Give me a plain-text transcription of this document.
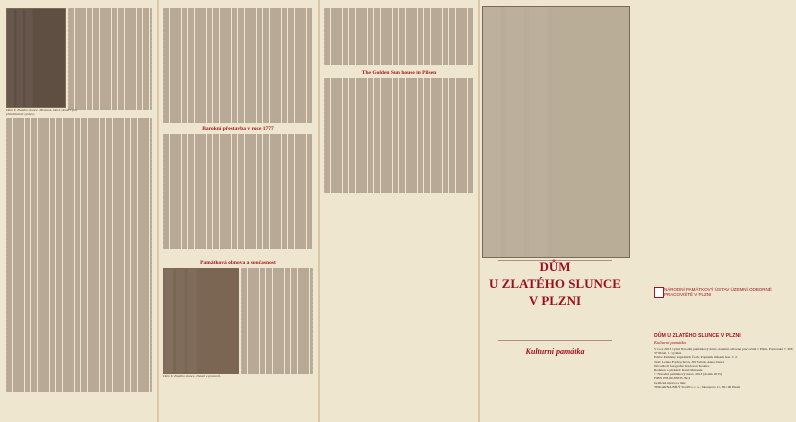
Dům U Zlatého slunce. Místnost, která slouží i pro příležitostné výstavy.
Barokní přestavba v roce 1777
Památková obnova a současnost
Dům U Zlatého slunce. Detail z prostorů.
The Golden Sun house in Pilsen
NÁRODNÍ PAMÁTKOVÝ ÚSTAV ÚZEMNÍ ODBORNÉ PRACOVIŠTĚ V PLZNI
DŮM U ZLATÉHO SLUNCE V PLZNI
Kulturní památka

V roce 2013 vydal Národní památkový ústav, územní odborné pracoviště v Plzni, Prešovská 7, 306 37 Plzeň. 1. vydání.

Editor Památky západních Čech, Popisník můstek hon. č. 2.

Text: Lenka Frydrychová, Jiří Sviták, Anna Zanzl.

Nevodbolí fotografie: Radovan Kodera.

Redakce a překlad: Karel Matasek.

© Národní památkový ústav, 2013 (dotisk 2015)

ISBN 978-80-85035-39-2

Grafická úprava a tisk:

TISKARNA BÍLÝ SLON s. r. o., Skoupova 11, 301 00 Plzeň

DŮM
U ZLATÉHO SLUNCE
V PLZNI
Kulturní památka
